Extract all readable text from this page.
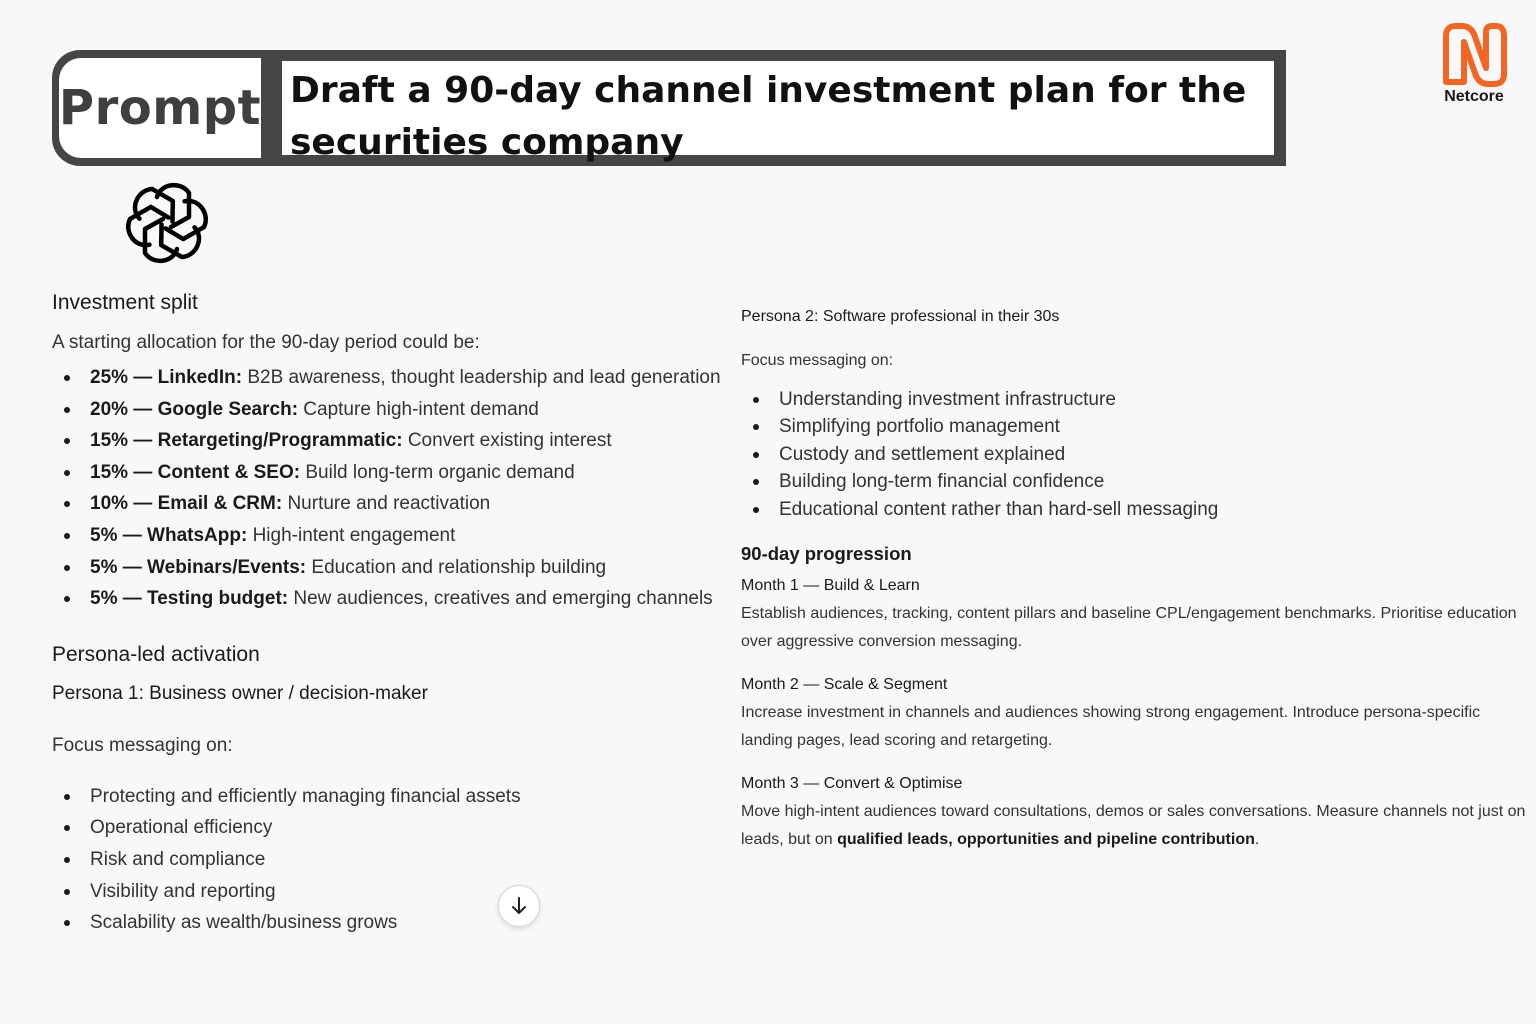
Prompt Draft a 90-day channel investment plan for the securities company
Netcore
Investment split

A starting allocation for the 90-day period could be:

25% — LinkedIn: B2B awareness, thought leadership and lead generation
20% — Google Search: Capture high-intent demand
15% — Retargeting/Programmatic: Convert existing interest
15% — Content & SEO: Build long-term organic demand
10% — Email & CRM: Nurture and reactivation
5% — WhatsApp: High-intent engagement
5% — Webinars/Events: Education and relationship building
5% — Testing budget: New audiences, creatives and emerging channels
Persona-led activation

Persona 1: Business owner / decision-maker

Focus messaging on:

Protecting and efficiently managing financial assets
Operational efficiency
Risk and compliance
Visibility and reporting
Scalability as wealth/business grows

Persona 2: Software professional in their 30s

Focus messaging on:

Understanding investment infrastructure
Simplifying portfolio management
Custody and settlement explained
Building long-term financial confidence
Educational content rather than hard-sell messaging
90-day progression

Month 1 — Build & Learn

Establish audiences, tracking, content pillars and baseline CPL/engagement benchmarks. Prioritise education over aggressive conversion messaging.

Month 2 — Scale & Segment

Increase investment in channels and audiences showing strong engagement. Introduce persona-specific landing pages, lead scoring and retargeting.

Month 3 — Convert & Optimise

Move high-intent audiences toward consultations, demos or sales conversations. Measure channels not just on leads, but on qualified leads, opportunities and pipeline contribution.
